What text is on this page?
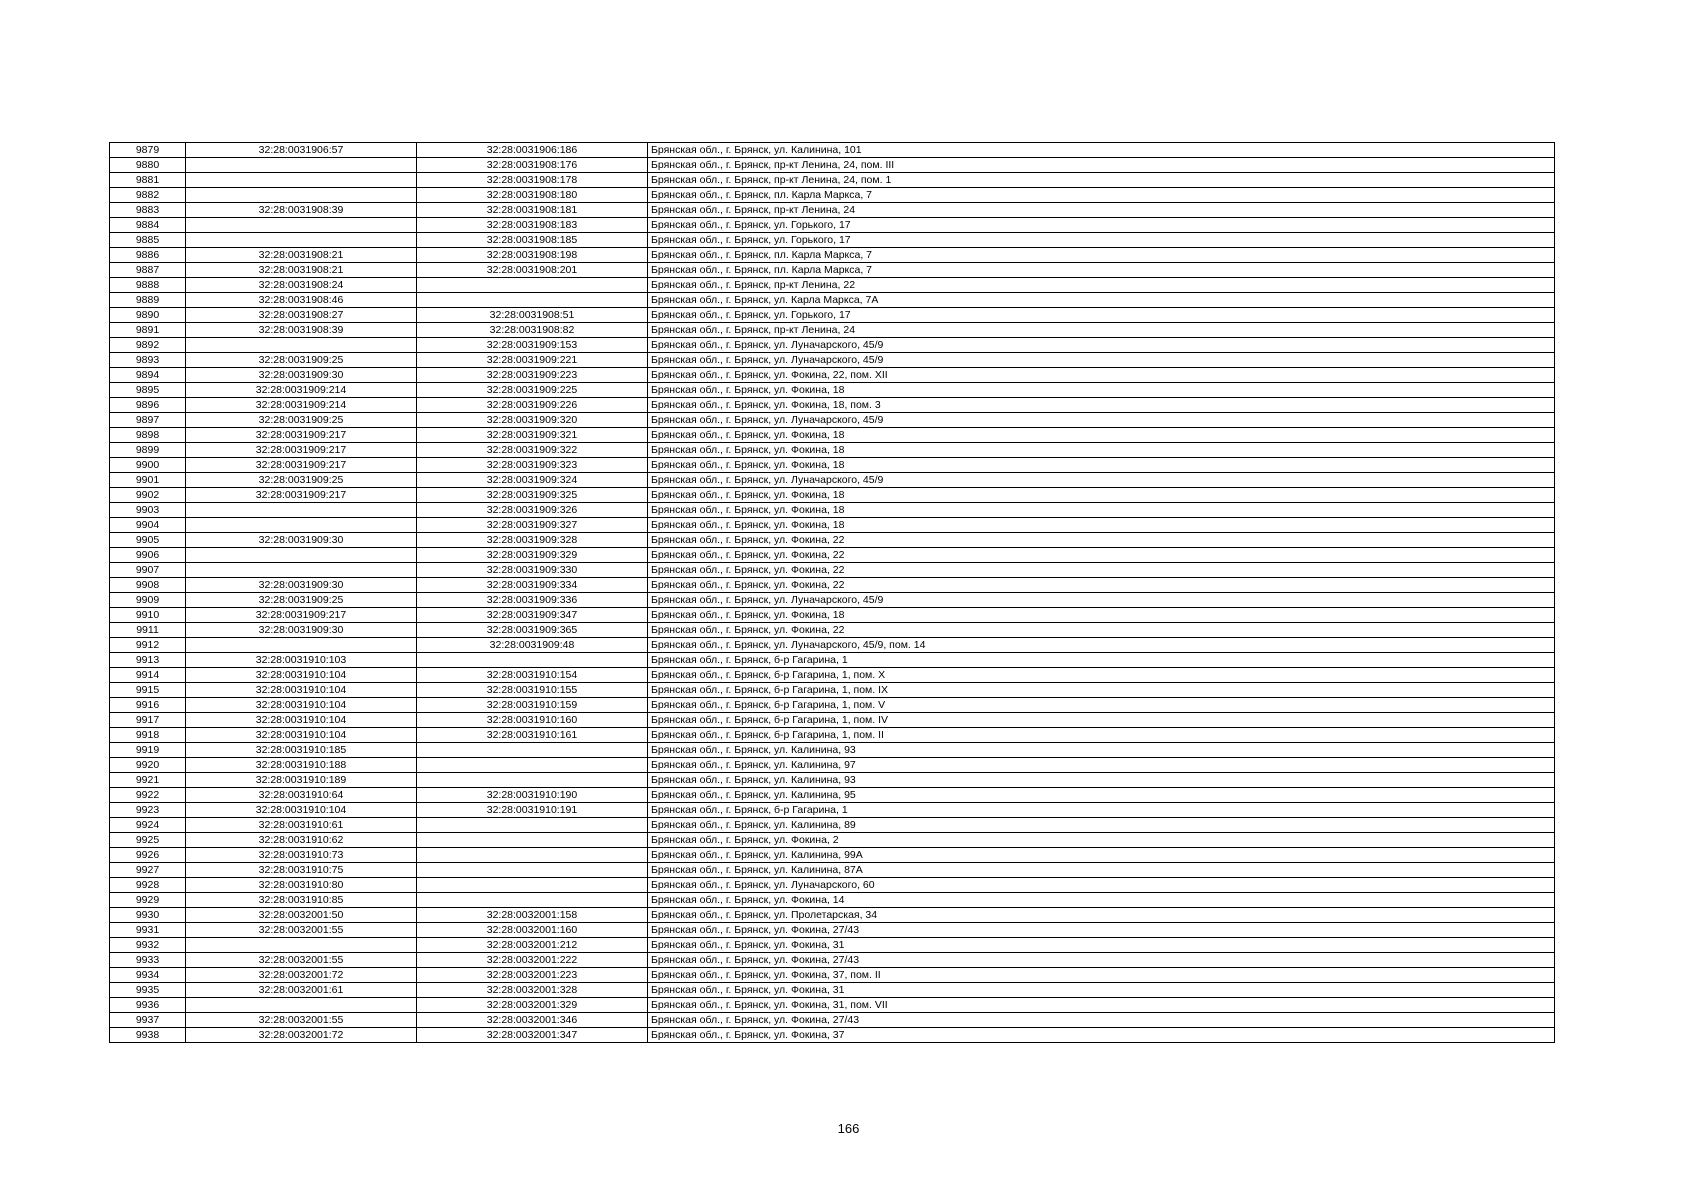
9879	32:28:0031906:57	32:28:0031906:186	Брянская обл., г. Брянск, ул. Калинина, 101
9880		32:28:0031908:176	Брянская обл., г. Брянск, пр-кт Ленина, 24, пом. III
9881		32:28:0031908:178	Брянская обл., г. Брянск, пр-кт Ленина, 24, пом. 1
9882		32:28:0031908:180	Брянская обл., г. Брянск, пл. Карла Маркса, 7
9883	32:28:0031908:39	32:28:0031908:181	Брянская обл., г. Брянск, пр-кт Ленина, 24
9884		32:28:0031908:183	Брянская обл., г. Брянск, ул. Горького, 17
9885		32:28:0031908:185	Брянская обл., г. Брянск, ул. Горького, 17
9886	32:28:0031908:21	32:28:0031908:198	Брянская обл., г. Брянск, пл. Карла Маркса, 7
9887	32:28:0031908:21	32:28:0031908:201	Брянская обл., г. Брянск, пл. Карла Маркса, 7
9888	32:28:0031908:24		Брянская обл., г. Брянск, пр-кт Ленина, 22
9889	32:28:0031908:46		Брянская обл., г. Брянск, ул. Карла Маркса, 7А
9890	32:28:0031908:27	32:28:0031908:51	Брянская обл., г. Брянск, ул. Горького, 17
9891	32:28:0031908:39	32:28:0031908:82	Брянская обл., г. Брянск, пр-кт Ленина, 24
9892		32:28:0031909:153	Брянская обл., г. Брянск, ул. Луначарского, 45/9
9893	32:28:0031909:25	32:28:0031909:221	Брянская обл., г. Брянск, ул. Луначарского, 45/9
9894	32:28:0031909:30	32:28:0031909:223	Брянская обл., г. Брянск, ул. Фокина, 22, пом. XII
9895	32:28:0031909:214	32:28:0031909:225	Брянская обл., г. Брянск, ул. Фокина, 18
9896	32:28:0031909:214	32:28:0031909:226	Брянская обл., г. Брянск, ул. Фокина, 18, пом. 3
9897	32:28:0031909:25	32:28:0031909:320	Брянская обл., г. Брянск, ул. Луначарского, 45/9
9898	32:28:0031909:217	32:28:0031909:321	Брянская обл., г. Брянск, ул. Фокина, 18
9899	32:28:0031909:217	32:28:0031909:322	Брянская обл., г. Брянск, ул. Фокина, 18
9900	32:28:0031909:217	32:28:0031909:323	Брянская обл., г. Брянск, ул. Фокина, 18
9901	32:28:0031909:25	32:28:0031909:324	Брянская обл., г. Брянск, ул. Луначарского, 45/9
9902	32:28:0031909:217	32:28:0031909:325	Брянская обл., г. Брянск, ул. Фокина, 18
9903		32:28:0031909:326	Брянская обл., г. Брянск, ул. Фокина, 18
9904		32:28:0031909:327	Брянская обл., г. Брянск, ул. Фокина, 18
9905	32:28:0031909:30	32:28:0031909:328	Брянская обл., г. Брянск, ул. Фокина, 22
9906		32:28:0031909:329	Брянская обл., г. Брянск, ул. Фокина, 22
9907		32:28:0031909:330	Брянская обл., г. Брянск, ул. Фокина, 22
9908	32:28:0031909:30	32:28:0031909:334	Брянская обл., г. Брянск, ул. Фокина, 22
9909	32:28:0031909:25	32:28:0031909:336	Брянская обл., г. Брянск, ул. Луначарского, 45/9
9910	32:28:0031909:217	32:28:0031909:347	Брянская обл., г. Брянск, ул. Фокина, 18
9911	32:28:0031909:30	32:28:0031909:365	Брянская обл., г. Брянск, ул. Фокина, 22
9912		32:28:0031909:48	Брянская обл., г. Брянск, ул. Луначарского, 45/9, пом. 14
9913	32:28:0031910:103		Брянская обл., г. Брянск, б-р Гагарина, 1
9914	32:28:0031910:104	32:28:0031910:154	Брянская обл., г. Брянск, б-р Гагарина, 1, пом. X
9915	32:28:0031910:104	32:28:0031910:155	Брянская обл., г. Брянск, б-р Гагарина, 1, пом. IX
9916	32:28:0031910:104	32:28:0031910:159	Брянская обл., г. Брянск, б-р Гагарина, 1, пом. V
9917	32:28:0031910:104	32:28:0031910:160	Брянская обл., г. Брянск, б-р Гагарина, 1, пом. IV
9918	32:28:0031910:104	32:28:0031910:161	Брянская обл., г. Брянск, б-р Гагарина, 1, пом. II
9919	32:28:0031910:185		Брянская обл., г. Брянск, ул. Калинина, 93
9920	32:28:0031910:188		Брянская обл., г. Брянск, ул. Калинина, 97
9921	32:28:0031910:189		Брянская обл., г. Брянск, ул. Калинина, 93
9922	32:28:0031910:64	32:28:0031910:190	Брянская обл., г. Брянск, ул. Калинина, 95
9923	32:28:0031910:104	32:28:0031910:191	Брянская обл., г. Брянск, б-р Гагарина, 1
9924	32:28:0031910:61		Брянская обл., г. Брянск, ул. Калинина, 89
9925	32:28:0031910:62		Брянская обл., г. Брянск, ул. Фокина, 2
9926	32:28:0031910:73		Брянская обл., г. Брянск, ул. Калинина, 99А
9927	32:28:0031910:75		Брянская обл., г. Брянск, ул. Калинина, 87А
9928	32:28:0031910:80		Брянская обл., г. Брянск, ул. Луначарского, 60
9929	32:28:0031910:85		Брянская обл., г. Брянск, ул. Фокина, 14
9930	32:28:0032001:50	32:28:0032001:158	Брянская обл., г. Брянск, ул. Пролетарская, 34
9931	32:28:0032001:55	32:28:0032001:160	Брянская обл., г. Брянск, ул. Фокина, 27/43
9932		32:28:0032001:212	Брянская обл., г. Брянск, ул. Фокина, 31
9933	32:28:0032001:55	32:28:0032001:222	Брянская обл., г. Брянск, ул. Фокина, 27/43
9934	32:28:0032001:72	32:28:0032001:223	Брянская обл., г. Брянск, ул. Фокина, 37, пом. II
9935	32:28:0032001:61	32:28:0032001:328	Брянская обл., г. Брянск, ул. Фокина, 31
9936		32:28:0032001:329	Брянская обл., г. Брянск, ул. Фокина, 31, пом. VII
9937	32:28:0032001:55	32:28:0032001:346	Брянская обл., г. Брянск, ул. Фокина, 27/43
9938	32:28:0032001:72	32:28:0032001:347	Брянская обл., г. Брянск, ул. Фокина, 37
166
